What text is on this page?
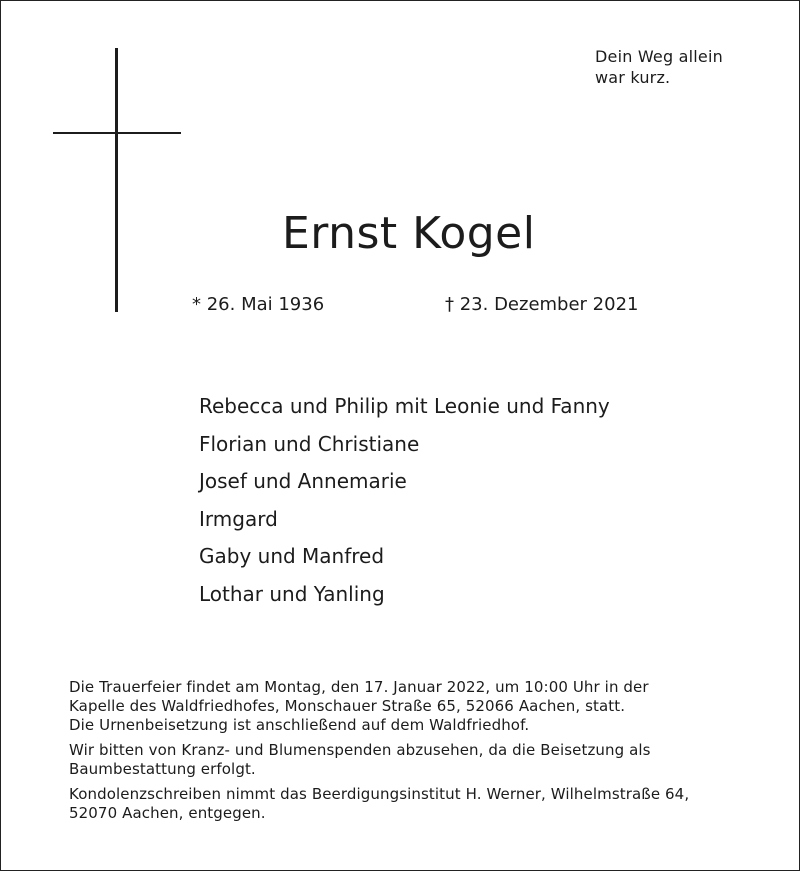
Dein Weg allein
war kurz.
Ernst Kogel
* 26. Mai 1936	† 23. Dezember 2021
Rebecca und Philip mit Leonie und Fanny
Florian und Christiane
Josef und Annemarie
Irmgard
Gaby und Manfred
Lothar und Yanling

Die Trauerfeier findet am Montag, den 17. Januar 2022, um 10:00 Uhr in der
Kapelle des Waldfriedhofes, Monschauer Straße 65, 52066 Aachen, statt.
Die Urnenbeisetzung ist anschließend auf dem Waldfriedhof.

Wir bitten von Kranz- und Blumenspenden abzusehen, da die Beisetzung als
Baumbestattung erfolgt.

Kondolenzschreiben nimmt das Beerdigungsinstitut H. Werner, Wilhelmstraße 64,
52070 Aachen, entgegen.
